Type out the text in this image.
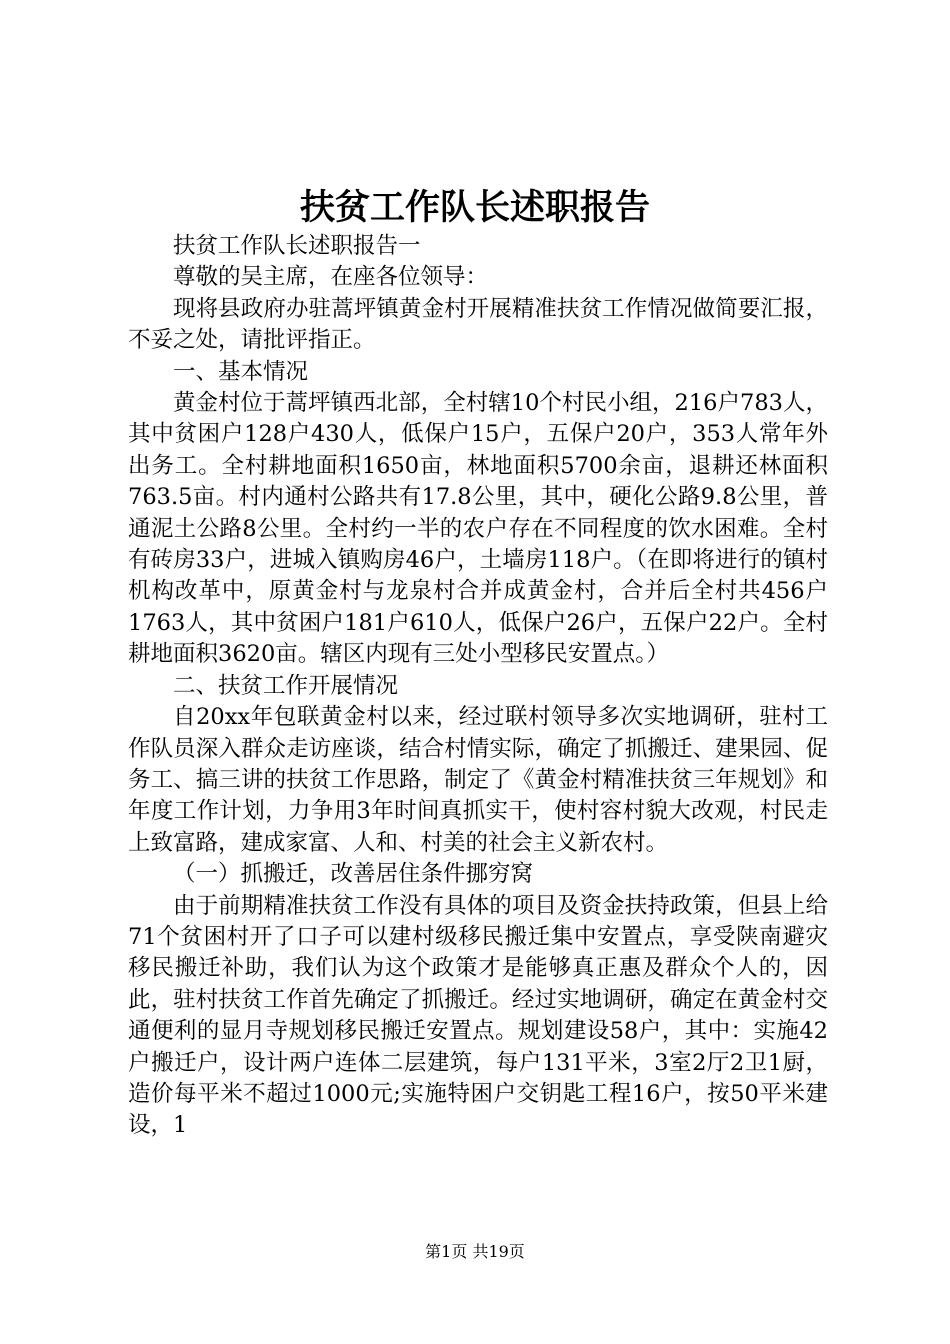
扶贫工作队长述职报告

扶贫工作队长述职报告一

尊敬的吴主席，在座各位领导：

现将县政府办驻蒿坪镇黄金村开展精准扶贫工作情况做简要汇报，不妥之处，请批评指正。

一、基本情况

黄金村位于蒿坪镇西北部，全村辖10个村民小组，216户783人，其中贫困户128户430人，低保户15户，五保户20户，353人常年外出务工。全村耕地面积1650亩，林地面积5700余亩，退耕还林面积763.5亩。村内通村公路共有17.8公里，其中，硬化公路9.8公里，普通泥土公路8公里。全村约一半的农户存在不同程度的饮水困难。全村有砖房33户，进城入镇购房46户，土墙房118户。（在即将进行的镇村机构改革中，原黄金村与龙泉村合并成黄金村，合并后全村共456户1763人，其中贫困户181户610人，低保户26户，五保户22户。全村耕地面积3620亩。辖区内现有三处小型移民安置点。）

二、扶贫工作开展情况

自20xx年包联黄金村以来，经过联村领导多次实地调研，驻村工作队员深入群众走访座谈，结合村情实际，确定了抓搬迁、建果园、促务工、搞三讲的扶贫工作思路，制定了《黄金村精准扶贫三年规划》和年度工作计划，力争用3年时间真抓实干，使村容村貌大改观，村民走上致富路，建成家富、人和、村美的社会主义新农村。

（一）抓搬迁，改善居住条件挪穷窝

由于前期精准扶贫工作没有具体的项目及资金扶持政策，但县上给71个贫困村开了口子可以建村级移民搬迁集中安置点，享受陕南避灾移民搬迁补助，我们认为这个政策才是能够真正惠及群众个人的，因此，驻村扶贫工作首先确定了抓搬迁。经过实地调研，确定在黄金村交通便利的显月寺规划移民搬迁安置点。规划建设58户，其中：实施42户搬迁户，设计两户连体二层建筑，每户131平米，3室2厅2卫1厨，造价每平米不超过1000元;实施特困户交钥匙工程16户，按50平米建设，1

第1页 共19页
